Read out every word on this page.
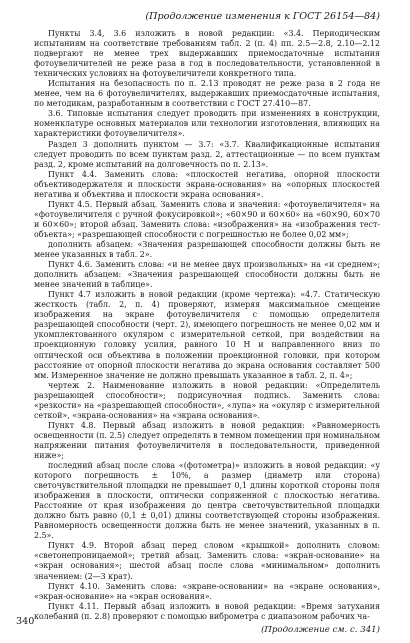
(Продолжение изменения к ГОСТ 26154—84)

Пункты 3.4, 3.6 изложить в новой редакции: «3.4. Периодическим испытаниям на соответствие требованиям табл. 2 (п. 4) пп. 2.5—2.8, 2.10—2.12 подвергают не менее трех выдержавших приемосдаточные испытания фотоувеличителей не реже раза в год в последовательности, установленной в технических условиях на фотоувеличители конкретного типа.

Испытания на безопасность по п. 2.13 проводят не реже раза в 2 года не менее, чем на 6 фотоувеличителях, выдержавших приемосдаточные испытания, по методикам, разработанным в соответствии с ГОСТ 27.410—87.

3.6. Типовые испытания следует проводить при изменениях в конструкции, номенклатуре основных материалов или технологии изготовления, влияющих на характеристики фотоувеличителя».

Раздел 3 дополнить пунктом — 3.7: «3.7. Квалификационные испытания следует проводить по всем пунктам разд. 2, аттестационные — по всем пунктам разд. 2, кроме испытаний на долговечность по п. 2.13».

Пункт 4.4. Заменить слова: «плоскостей негатива, опорной плоскости объективодержателя и плоскости экрана-основания» на «опорных плоскостей негатива и объектива и плоскости экрана основания».

Пункт 4.5. Первый абзац. Заменить слова и значения: «фотоувеличителя» на «фотоувеличителя с ручной фокусировкой»; «60×90 и 60×60» на «60×90, 60×70 и 60×60»; второй абзац. Заменить слова: «изображения» на «изображения тест-объекта»; «разрешающей способности с погрешностью не более 0,02 мм»;

дополнить абзацем: «Значения разрешающей способности должны быть не менее указанных в табл. 2».

Пункт 4.6. Заменить слова: «и не менее двух произвольных» на «и среднем»; дополнить абзацем: «Значения разрешающей способности должны быть не менее значений в таблице».

Пункт 4.7 изложить в новой редакции (кроме чертежа): «4.7. Статическую жесткость (табл. 2, п. 4) проверяют, измеряя максимальное смещение изображения на экране фотоувеличителя с помощью определителя разрешающей способности (черт. 2), имеющего погрешность не менее 0,02 мм и укомплектованного окуляром с измерительной сеткой, при воздействии на проекционную головку усилия, равного 10 Н и направленного вниз по оптической оси объектива в положении проекционной головки, при котором расстояние от опорной плоскости негатива до экрана основания составляет 500 мм. Измеренное значение не должно превышать указанное в табл. 2, п. 4»;

чертеж 2. Наименование изложить в новой редакции: «Определитель разрешающей способности»; подрисуночная подпись. Заменить слова: «резкости» на «разрешающей способности», «лупа» на «окуляр с измерительной сеткой», «экрана-основания» на «экрана основания».

Пункт 4.8. Первый абзац изложить в новой редакции: «Равномерность освещенности (п. 2.5) следует определять в темном помещении при номинальном напряжении питания фотоувеличителя в последовательности, приведенной ниже»;

последний абзац после слова «(фотометра)» изложить в новой редакции: «у которого погрешность ± 10%, а размер (диаметр или сторона) светочувствительной площадки не превышает 0,1 длины короткой стороны поля изображения в плоскости, оптически сопряженной с плоскостью негатива. Расстояние от края изображения до центра светочувствительной площадки должно быть равно (0,1 ± 0,01) длины соответствующей стороны изображения. Равномерность освещенности должна быть не менее значений, указанных в п. 2.5».

Пункт 4.9. Второй абзац перед словом «крышкой» дополнить словом: «светонепроницаемой»; третий абзац. Заменить слова: «экран-основание» на «экран основания»; шестой абзац после слова «минимальном» дополнить значением: (2—3 крат).

Пункт 4.10. Заменить слова: «экране-основании» на «экране основания», «экран-основание» на «экран основания».

Пункт 4.11. Первый абзац изложить в новой редакции: «Время затухания колебаний (п. 2.8) проверяют с помощью виброметра с диапазоном рабочих ча-

(Продолжение см. с. 341)
340
